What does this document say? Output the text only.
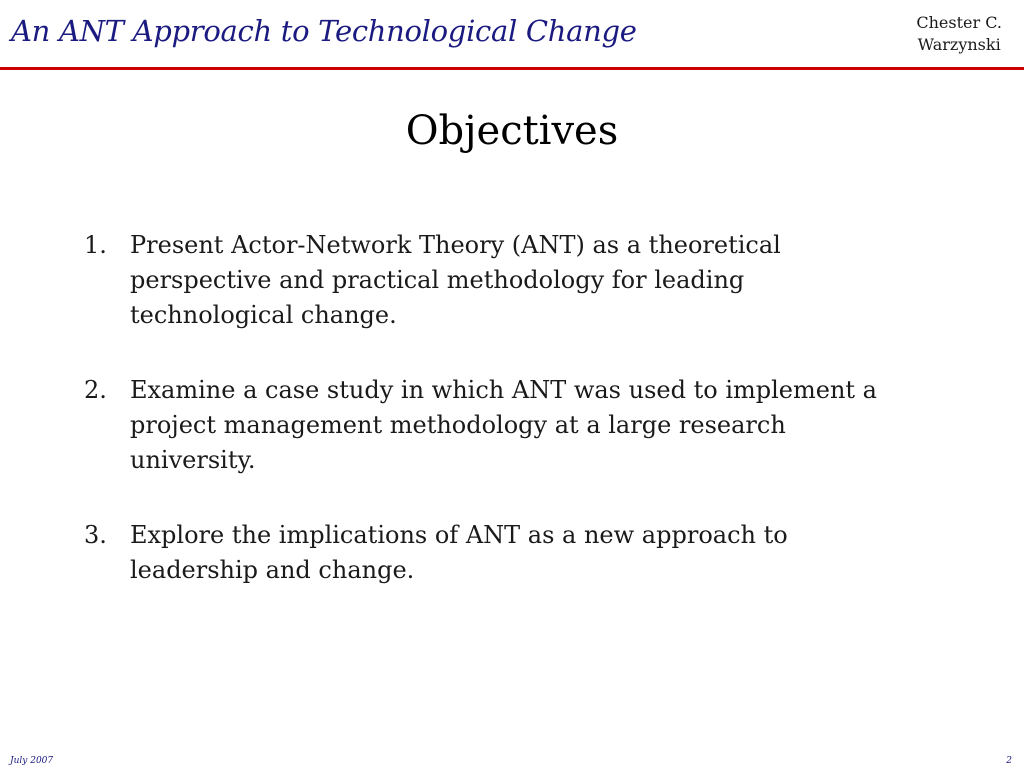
An ANT Approach to Technological Change	Chester C.
Warzynski
Objectives
1. Present Actor-Network Theory (ANT) as a theoretical perspective and practical methodology for leading technological change.
2. Examine a case study in which ANT was used to implement a project management methodology at a large research university.
3. Explore the implications of ANT as a new approach to leadership and change.
July 2007	2
